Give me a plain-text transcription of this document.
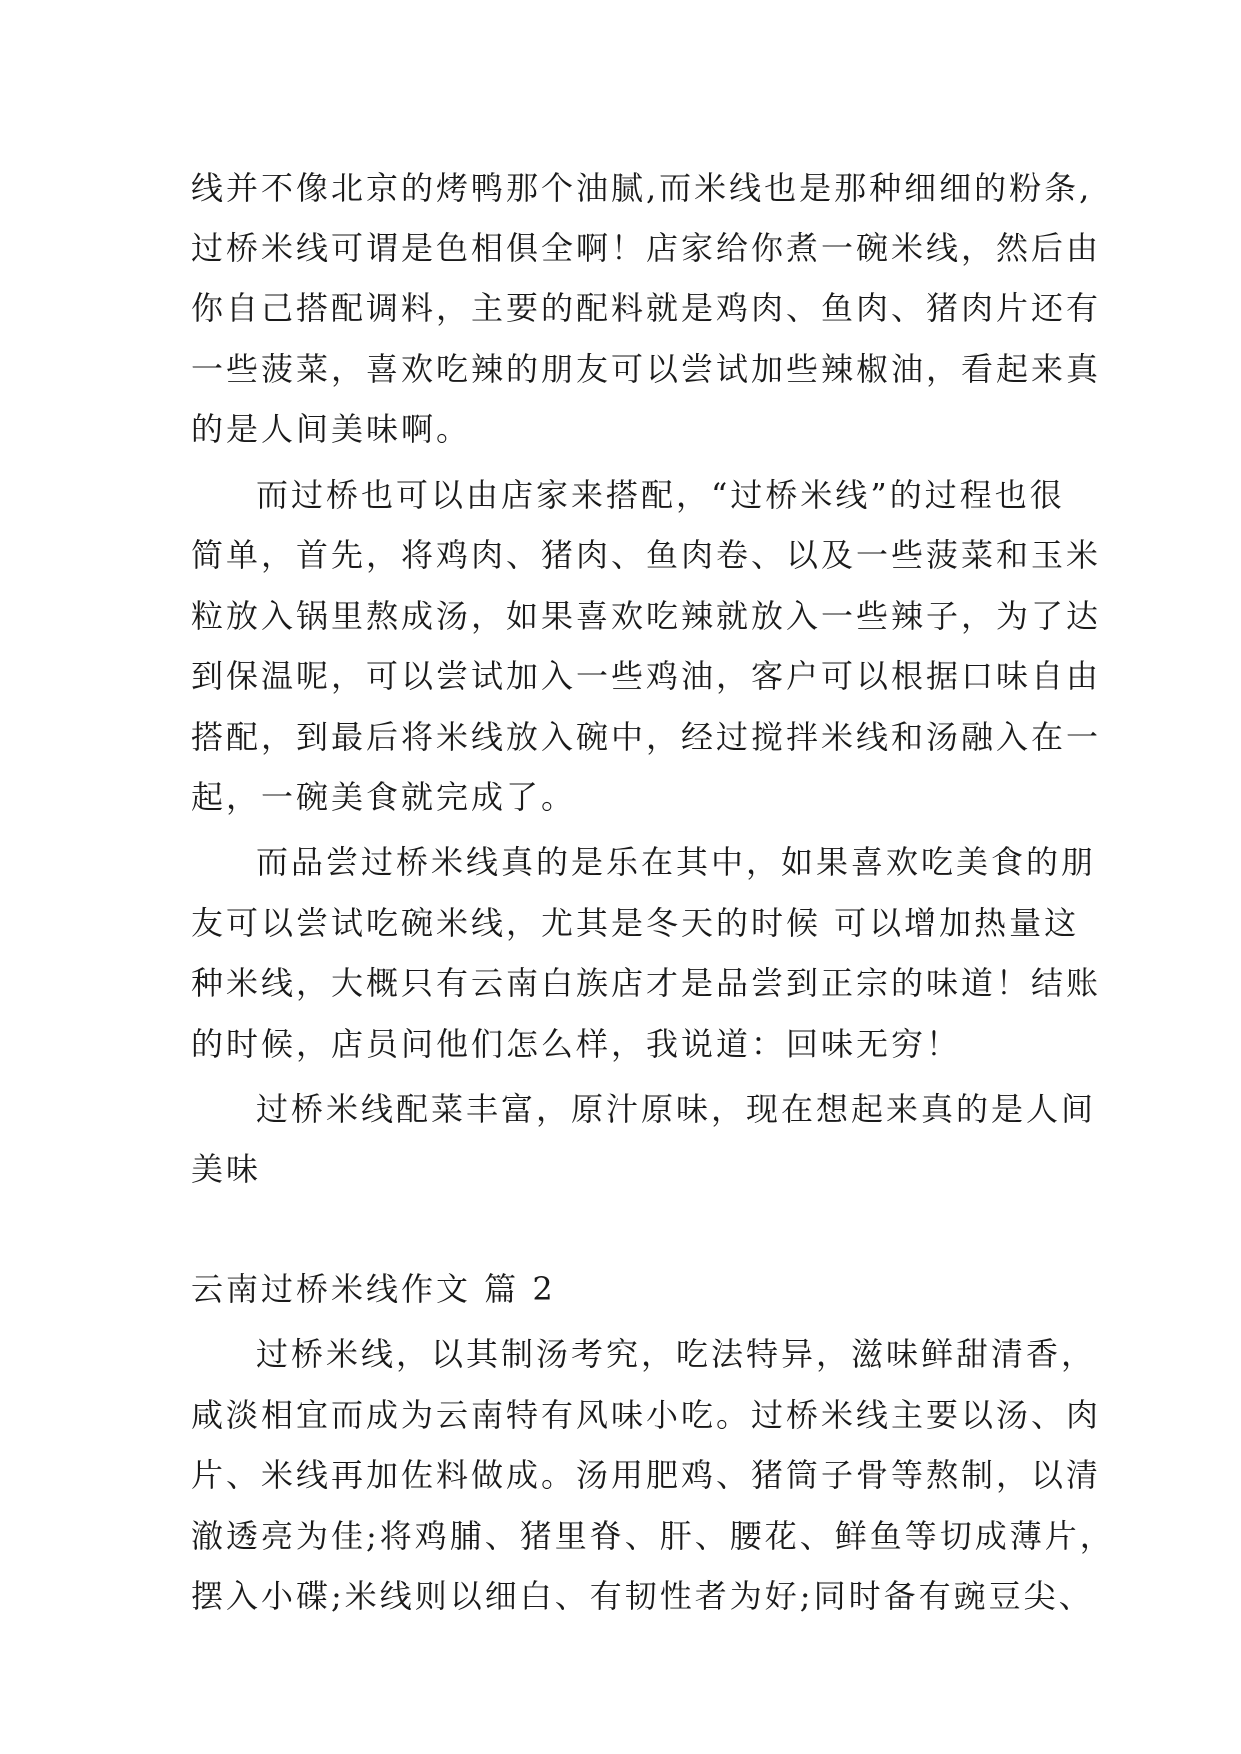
线并不像北京的烤鸭那个油腻,而米线也是那种细细的粉条,
过桥米线可谓是色相俱全啊！店家给你煮一碗米线，然后由
你自己搭配调料，主要的配料就是鸡肉、鱼肉、猪肉片还有
一些菠菜，喜欢吃辣的朋友可以尝试加些辣椒油，看起来真
的是人间美味啊。
而过桥也可以由店家来搭配，“过桥米线”的过程也很
简单，首先，将鸡肉、猪肉、鱼肉卷、以及一些菠菜和玉米
粒放入锅里熬成汤，如果喜欢吃辣就放入一些辣子，为了达
到保温呢，可以尝试加入一些鸡油，客户可以根据口味自由
搭配，到最后将米线放入碗中，经过搅拌米线和汤融入在一
起，一碗美食就完成了。
而品尝过桥米线真的是乐在其中，如果喜欢吃美食的朋
友可以尝试吃碗米线，尤其是冬天的时候 可以增加热量这
种米线，大概只有云南白族店才是品尝到正宗的味道！结账
的时候，店员问他们怎么样，我说道：回味无穷！
过桥米线配菜丰富，原汁原味，现在想起来真的是人间
美味
云南过桥米线作文 篇 2
过桥米线，以其制汤考究，吃法特异，滋味鲜甜清香，
咸淡相宜而成为云南特有风味小吃。过桥米线主要以汤、肉
片、米线再加佐料做成。汤用肥鸡、猪筒子骨等熬制，以清
澈透亮为佳;将鸡脯、猪里脊、肝、腰花、鲜鱼等切成薄片，
摆入小碟;米线则以细白、有韧性者为好;同时备有豌豆尖、
